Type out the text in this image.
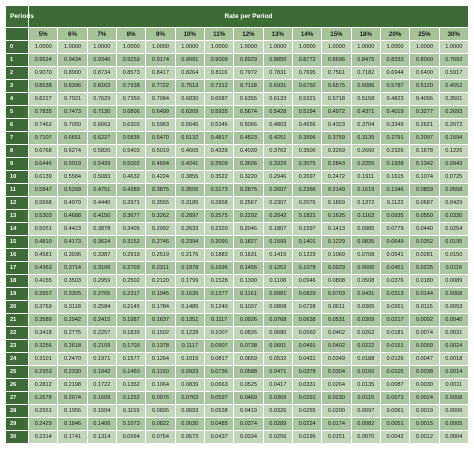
Periods	Rate per Period														
	5%	6%	7%	8%	9%	10%	11%	12%	13%	14%	15%	18%	20%	25%	30%
0	1.0000	1.0000	1.0000	1.0000	1.0000	1.0000	1.0000	1.0000	1.0000	1.0000	1.0000	1.0000	1.0000	1.0000	1.0000
1	0.9524	0.9434	0.9346	0.9259	0.9174	0.9091	0.9009	0.8929	0.8850	0.8772	0.8696	0.8475	0.8333	0.8000	0.7692
2	0.9070	0.8900	0.8734	0.8573	0.8417	0.8264	0.8116	0.7972	0.7831	0.7695	0.7561	0.7182	0.6944	0.6400	0.5917
3	0.8638	0.8396	0.8163	0.7938	0.7722	0.7513	0.7312	0.7118	0.6931	0.6750	0.6575	0.6086	0.5787	0.5120	0.4552
4	0.8227	0.7921	0.7629	0.7350	0.7084	0.6830	0.6587	0.6355	0.6133	0.5921	0.5718	0.5158	0.4823	0.4096	0.3501
5	0.7835	0.7473	0.7130	0.6806	0.6499	0.6209	0.5935	0.5674	0.5428	0.5194	0.4972	0.4371	0.4019	0.3277	0.2693
6	0.7462	0.7050	0.6663	0.6302	0.5963	0.5645	0.5346	0.5066	0.4803	0.4556	0.4323	0.3704	0.3349	0.2621	0.2072
7	0.7107	0.6651	0.6227	0.5835	0.5470	0.5132	0.4817	0.4523	0.4251	0.3996	0.3759	0.3139	0.2791	0.2097	0.1594
8	0.6768	0.6274	0.5820	0.5403	0.5019	0.4665	0.4339	0.4039	0.3762	0.3506	0.3269	0.2660	0.2326	0.1678	0.1226
9	0.6446	0.5919	0.5439	0.5002	0.4604	0.4241	0.3909	0.3606	0.3329	0.3075	0.2843	0.2255	0.1938	0.1342	0.0943
10	0.6139	0.5584	0.5083	0.4632	0.4224	0.3855	0.3522	0.3220	0.2946	0.2697	0.2472	0.1911	0.1615	0.1074	0.0725
11	0.5847	0.5268	0.4751	0.4289	0.3875	0.3505	0.3173	0.2875	0.2607	0.2366	0.2149	0.1619	0.1346	0.0859	0.0558
12	0.5568	0.4970	0.4440	0.3971	0.3555	0.3186	0.2858	0.2567	0.2307	0.2076	0.1869	0.1372	0.1122	0.0687	0.0429
13	0.5303	0.4688	0.4150	0.3677	0.3262	0.2897	0.2575	0.2292	0.2042	0.1821	0.1625	0.1163	0.0935	0.0550	0.0330
14	0.5051	0.4423	0.3878	0.3405	0.2992	0.2633	0.2320	0.2046	0.1807	0.1597	0.1413	0.0985	0.0779	0.0440	0.0254
15	0.4810	0.4173	0.3624	0.3152	0.2745	0.2394	0.2090	0.1827	0.1599	0.1401	0.1229	0.0835	0.0649	0.0352	0.0195
16	0.4581	0.3936	0.3387	0.2919	0.2519	0.2176	0.1883	0.1631	0.1415	0.1229	0.1069	0.0708	0.0541	0.0281	0.0150
17	0.4363	0.3714	0.3166	0.2703	0.2311	0.1978	0.1696	0.1456	0.1252	0.1078	0.0929	0.0600	0.0451	0.0225	0.0116
18	0.4155	0.3503	0.2959	0.2502	0.2120	0.1799	0.1528	0.1300	0.1108	0.0946	0.0808	0.0508	0.0376	0.0180	0.0089
19	0.3957	0.3305	0.2765	0.2317	0.1945	0.1635	0.1377	0.1161	0.0981	0.0829	0.0703	0.0431	0.0313	0.0144	0.0068
20	0.3769	0.3118	0.2584	0.2145	0.1784	0.1486	0.1240	0.1037	0.0868	0.0728	0.0611	0.0365	0.0261	0.0115	0.0053
21	0.3589	0.2942	0.2415	0.1987	0.1637	0.1351	0.1117	0.0926	0.0768	0.0638	0.0531	0.0309	0.0217	0.0092	0.0040
22	0.3418	0.2775	0.2257	0.1839	0.1502	0.1228	0.1007	0.0826	0.0680	0.0560	0.0462	0.0262	0.0181	0.0074	0.0031
23	0.3256	0.2618	0.2109	0.1703	0.1378	0.1117	0.0907	0.0738	0.0601	0.0491	0.0402	0.0222	0.0151	0.0059	0.0024
24	0.3101	0.2470	0.1971	0.1577	0.1264	0.1015	0.0817	0.0659	0.0532	0.0431	0.0349	0.0188	0.0126	0.0047	0.0018
25	0.2953	0.2330	0.1842	0.1460	0.1160	0.0923	0.0736	0.0588	0.0471	0.0378	0.0304	0.0160	0.0105	0.0038	0.0014
26	0.2812	0.2198	0.1722	0.1352	0.1064	0.0839	0.0663	0.0525	0.0417	0.0331	0.0264	0.0135	0.0087	0.0030	0.0011
27	0.2678	0.2074	0.1609	0.1252	0.0976	0.0763	0.0597	0.0469	0.0369	0.0291	0.0230	0.0115	0.0073	0.0024	0.0008
28	0.2551	0.1956	0.1504	0.1159	0.0895	0.0693	0.0538	0.0419	0.0326	0.0255	0.0200	0.0097	0.0061	0.0019	0.0006
29	0.2429	0.1846	0.1406	0.1073	0.0822	0.0630	0.0485	0.0374	0.0289	0.0224	0.0174	0.0082	0.0051	0.0015	0.0005
30	0.2314	0.1741	0.1314	0.0994	0.0754	0.0573	0.0437	0.0334	0.0256	0.0196	0.0151	0.0070	0.0042	0.0012	0.0004
